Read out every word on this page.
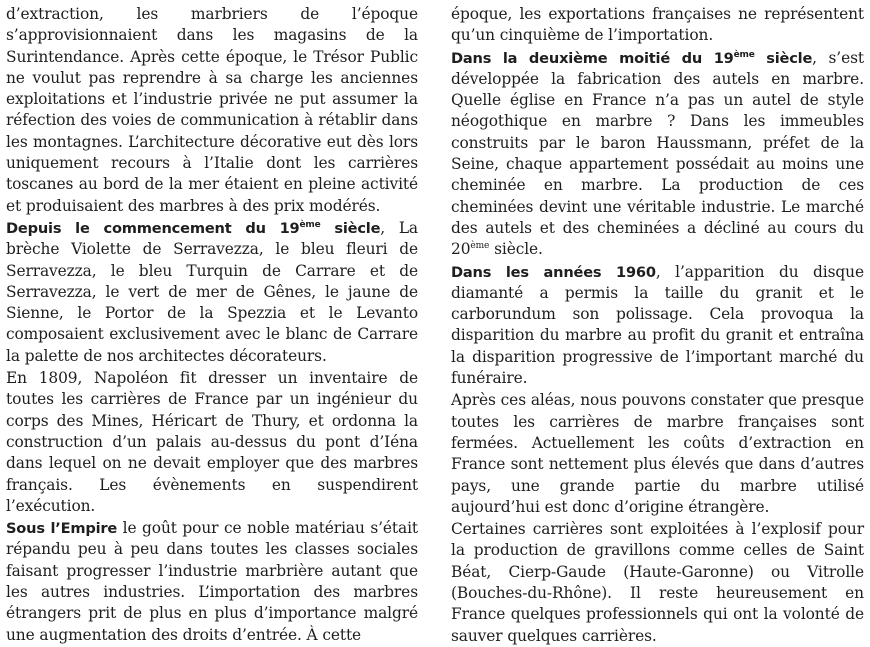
d’extraction, les marbriers de l’époque s’approvisionnaient dans les magasins de la Surintendance. Après cette époque, le Trésor Public ne voulut pas reprendre à sa charge les anciennes exploitations et l’industrie privée ne put assumer la réfection des voies de communication à rétablir dans les montagnes. L’architecture décorative eut dès lors uniquement recours à l’Italie dont les carrières toscanes au bord de la mer étaient en pleine activité et produisaient des marbres à des prix modérés.

Depuis le commencement du 19ème siècle, La brèche Violette de Serravezza, le bleu fleuri de Serravezza, le bleu Turquin de Carrare et de Serravezza, le vert de mer de Gênes, le jaune de Sienne, le Portor de la Spezzia et le Levanto composaient exclusivement avec le blanc de Carrare la palette de nos architectes décorateurs.

En 1809, Napoléon fit dresser un inventaire de toutes les carrières de France par un ingénieur du corps des Mines, Héricart de Thury, et ordonna la construction d’un palais au-dessus du pont d’Iéna dans lequel on ne devait employer que des marbres français. Les évènements en suspendirent l’exécution.

Sous l’Empire le goût pour ce noble matériau s’était répandu peu à peu dans toutes les classes sociales faisant progresser l’industrie marbrière autant que les autres industries. L’importation des marbres étrangers prit de plus en plus d’importance malgré une augmentation des droits d’entrée. À cette

époque, les exportations françaises ne représentent qu’un cinquième de l’importation.

Dans la deuxième moitié du 19ème siècle, s’est développée la fabrication des autels en marbre. Quelle église en France n’a pas un autel de style néogothique en marbre ? Dans les immeubles construits par le baron Haussmann, préfet de la Seine, chaque appartement possédait au moins une cheminée en marbre. La production de ces cheminées devint une véritable industrie. Le marché des autels et des cheminées a décliné au cours du 20ème siècle.

Dans les années 1960, l’apparition du disque diamanté a permis la taille du granit et le carborundum son polissage. Cela provoqua la disparition du marbre au profit du granit et entraîna la disparition progressive de l’important marché du funéraire.

Après ces aléas, nous pouvons constater que presque toutes les carrières de marbre françaises sont fermées. Actuellement les coûts d’extraction en France sont nettement plus élevés que dans d’autres pays, une grande partie du marbre utilisé aujourd’hui est donc d’origine étrangère.

Certaines carrières sont exploitées à l’explosif pour la production de gravillons comme celles de Saint Béat, Cierp-Gaude (Haute-Garonne) ou Vitrolle (Bouches-du-Rhône). Il reste heureusement en France quelques professionnels qui ont la volonté de sauver quelques carrières.
